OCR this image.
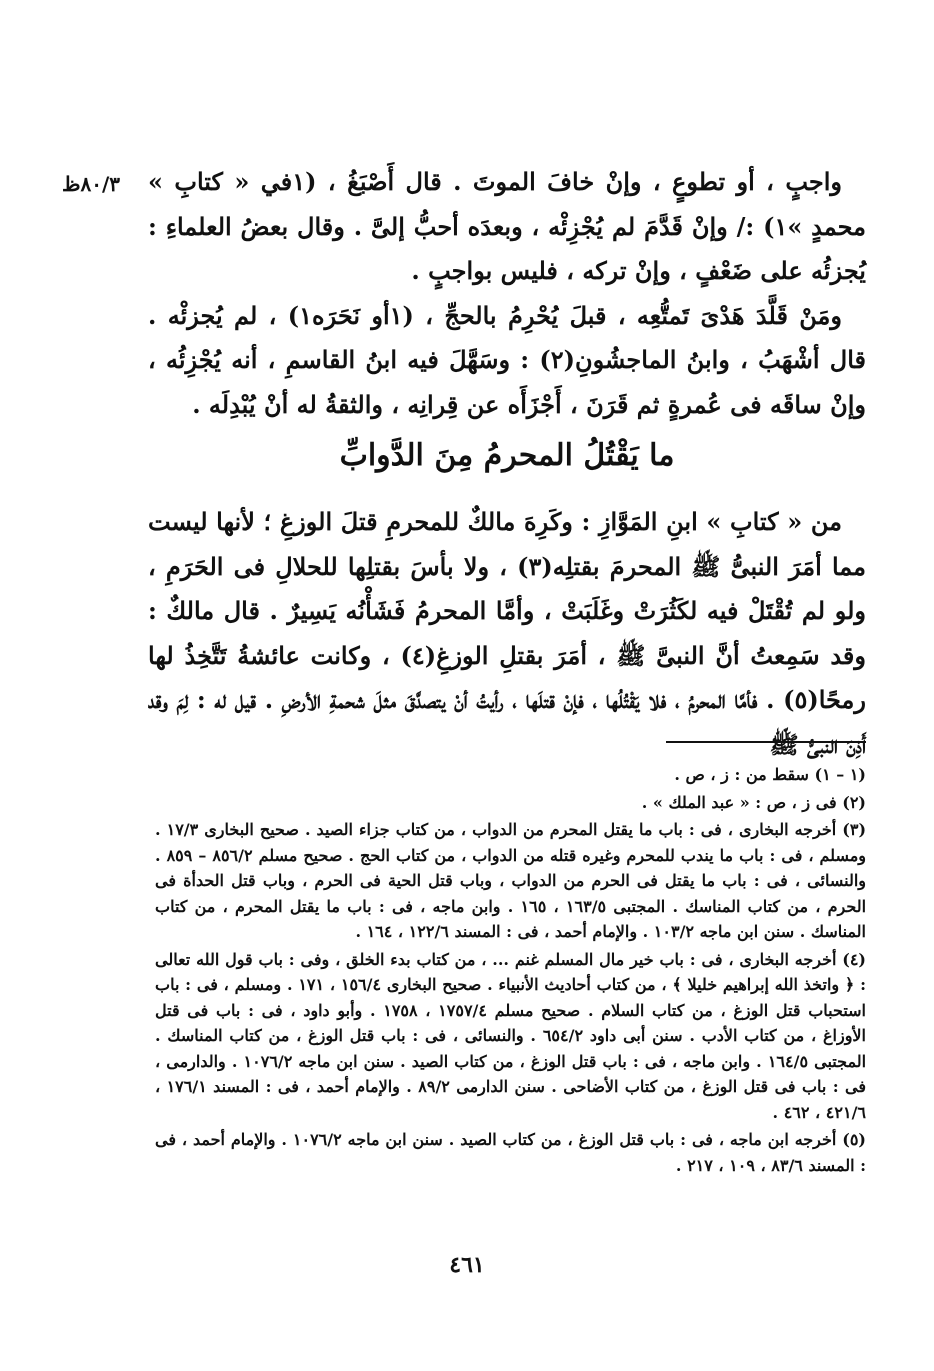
٨٠/٣ظ واجبٍ ، أو تطوعٍ ، وإنْ خافَ الموتَ . قال أَصْبَغُ ، (١في « كتابِ » محمدٍ »١) :/ وإنْ قَدَّمَ لم يُجْزِئْه ، وبعدَه أحبُّ إلىَّ . وقال بعضُ العلماءِ : يُجزئُه على ضَعْفٍ ، وإنْ تركه ، فليس بواجبٍ .

ومَنْ قَلَّدَ هَدْىَ تَمتُّعِه ، قبلَ يُحْرِمُ بالحجِّ ، (١أو نَحَرَه١) ، لم يُجزئْه . قال أشْهَبُ ، وابنُ الماجشُونِ(٢) : وسَهَّلَ فيه ابنُ القاسمِ ، أنه يُجْزِئُه ، وإنْ ساقَه فى عُمرةٍ ثم قَرَنَ ، أَجْزَأَه عن قِرانِه ، والثقةُ له أنْ يُبْدِلَه .

ما يَقْتُلُ المحرمُ مِنَ الدَّوابِّ

من « كتابِ » ابنِ المَوَّازِ : وكَرِهَ مالكٌ للمحرمِ قتلَ الوزغِ ؛ لأنها ليست مما أمَرَ النبىُّ ﷺ المحرمَ بقتلِه(٣) ، ولا بأسَ بقتلِها للحلالِ فى الحَرَمِ ، ولو لم تُقْتَلْ فيه لكَثُرَتْ وغَلَبَتْ ، وأمَّا المحرمُ فَشَأْنُه يَسِيرٌ . قال مالكٌ : وقد سَمِعتُ أنَّ النبىَّ ﷺ ، أمَرَ بقتلِ الوزغِ(٤) ، وكانت عائشةُ تَتَّخِذُ لها رمحًا(٥) . فأمَّا المحرمُ ، فلا يَقْتُلُها ، فإنْ قتلَها ، رأيتُ أنْ يتصدَّقَ مثلَ شحمةِ الأرضِ . قيل له : لِمَ وقد أَذِنَ النبىُّ ﷺ

(١ – ١) سقط من : ز ، ص .

(٢) فى ز ، ص : « عبد الملك » .

(٣) أخرجه البخارى ، فى : باب ما يقتل المحرم من الدواب ، من كتاب جزاء الصيد . صحيح البخارى ١٧/٣ . ومسلم ، فى : باب ما يندب للمحرم وغيره قتله من الدواب ، من كتاب الحج . صحيح مسلم ٨٥٦/٢ – ٨٥٩ . والنسائى ، فى : باب ما يقتل فى الحرم من الدواب ، وباب قتل الحية فى الحرم ، وباب قتل الحدأة فى الحرم ، من كتاب المناسك . المجتبى ١٦٣/٥ ، ١٦٥ . وابن ماجه ، فى : باب ما يقتل المحرم ، من كتاب المناسك . سنن ابن ماجه ١٠٣/٢ . والإمام أحمد ، فى : المسند ١٢٢/٦ ، ١٦٤ .

(٤) أخرجه البخارى ، فى : باب خير مال المسلم غنم ... ، من كتاب بدء الخلق ، وفى : باب قول الله تعالى : ﴿ واتخذ الله إبراهيم خليلا ﴾ ، من كتاب أحاديث الأنبياء . صحيح البخارى ١٥٦/٤ ، ١٧١ . ومسلم ، فى : باب استحباب قتل الوزغ ، من كتاب السلام . صحيح مسلم ١٧٥٧/٤ ، ١٧٥٨ . وأبو داود ، فى : باب فى قتل الأوزاغ ، من كتاب الأدب . سنن أبى داود ٦٥٤/٢ . والنسائى ، فى : باب قتل الوزغ ، من كتاب المناسك . المجتبى ١٦٤/٥ . وابن ماجه ، فى : باب قتل الوزغ ، من كتاب الصيد . سنن ابن ماجه ١٠٧٦/٢ . والدارمى ، فى : باب فى قتل الوزغ ، من كتاب الأضاحى . سنن الدارمى ٨٩/٢ . والإمام أحمد ، فى : المسند ١٧٦/١ ، ٤٢١/٦ ، ٤٦٢ .

(٥) أخرجه ابن ماجه ، فى : باب قتل الوزغ ، من كتاب الصيد . سنن ابن ماجه ١٠٧٦/٢ . والإمام أحمد ، فى : المسند ٨٣/٦ ، ١٠٩ ، ٢١٧ .

٤٦١
